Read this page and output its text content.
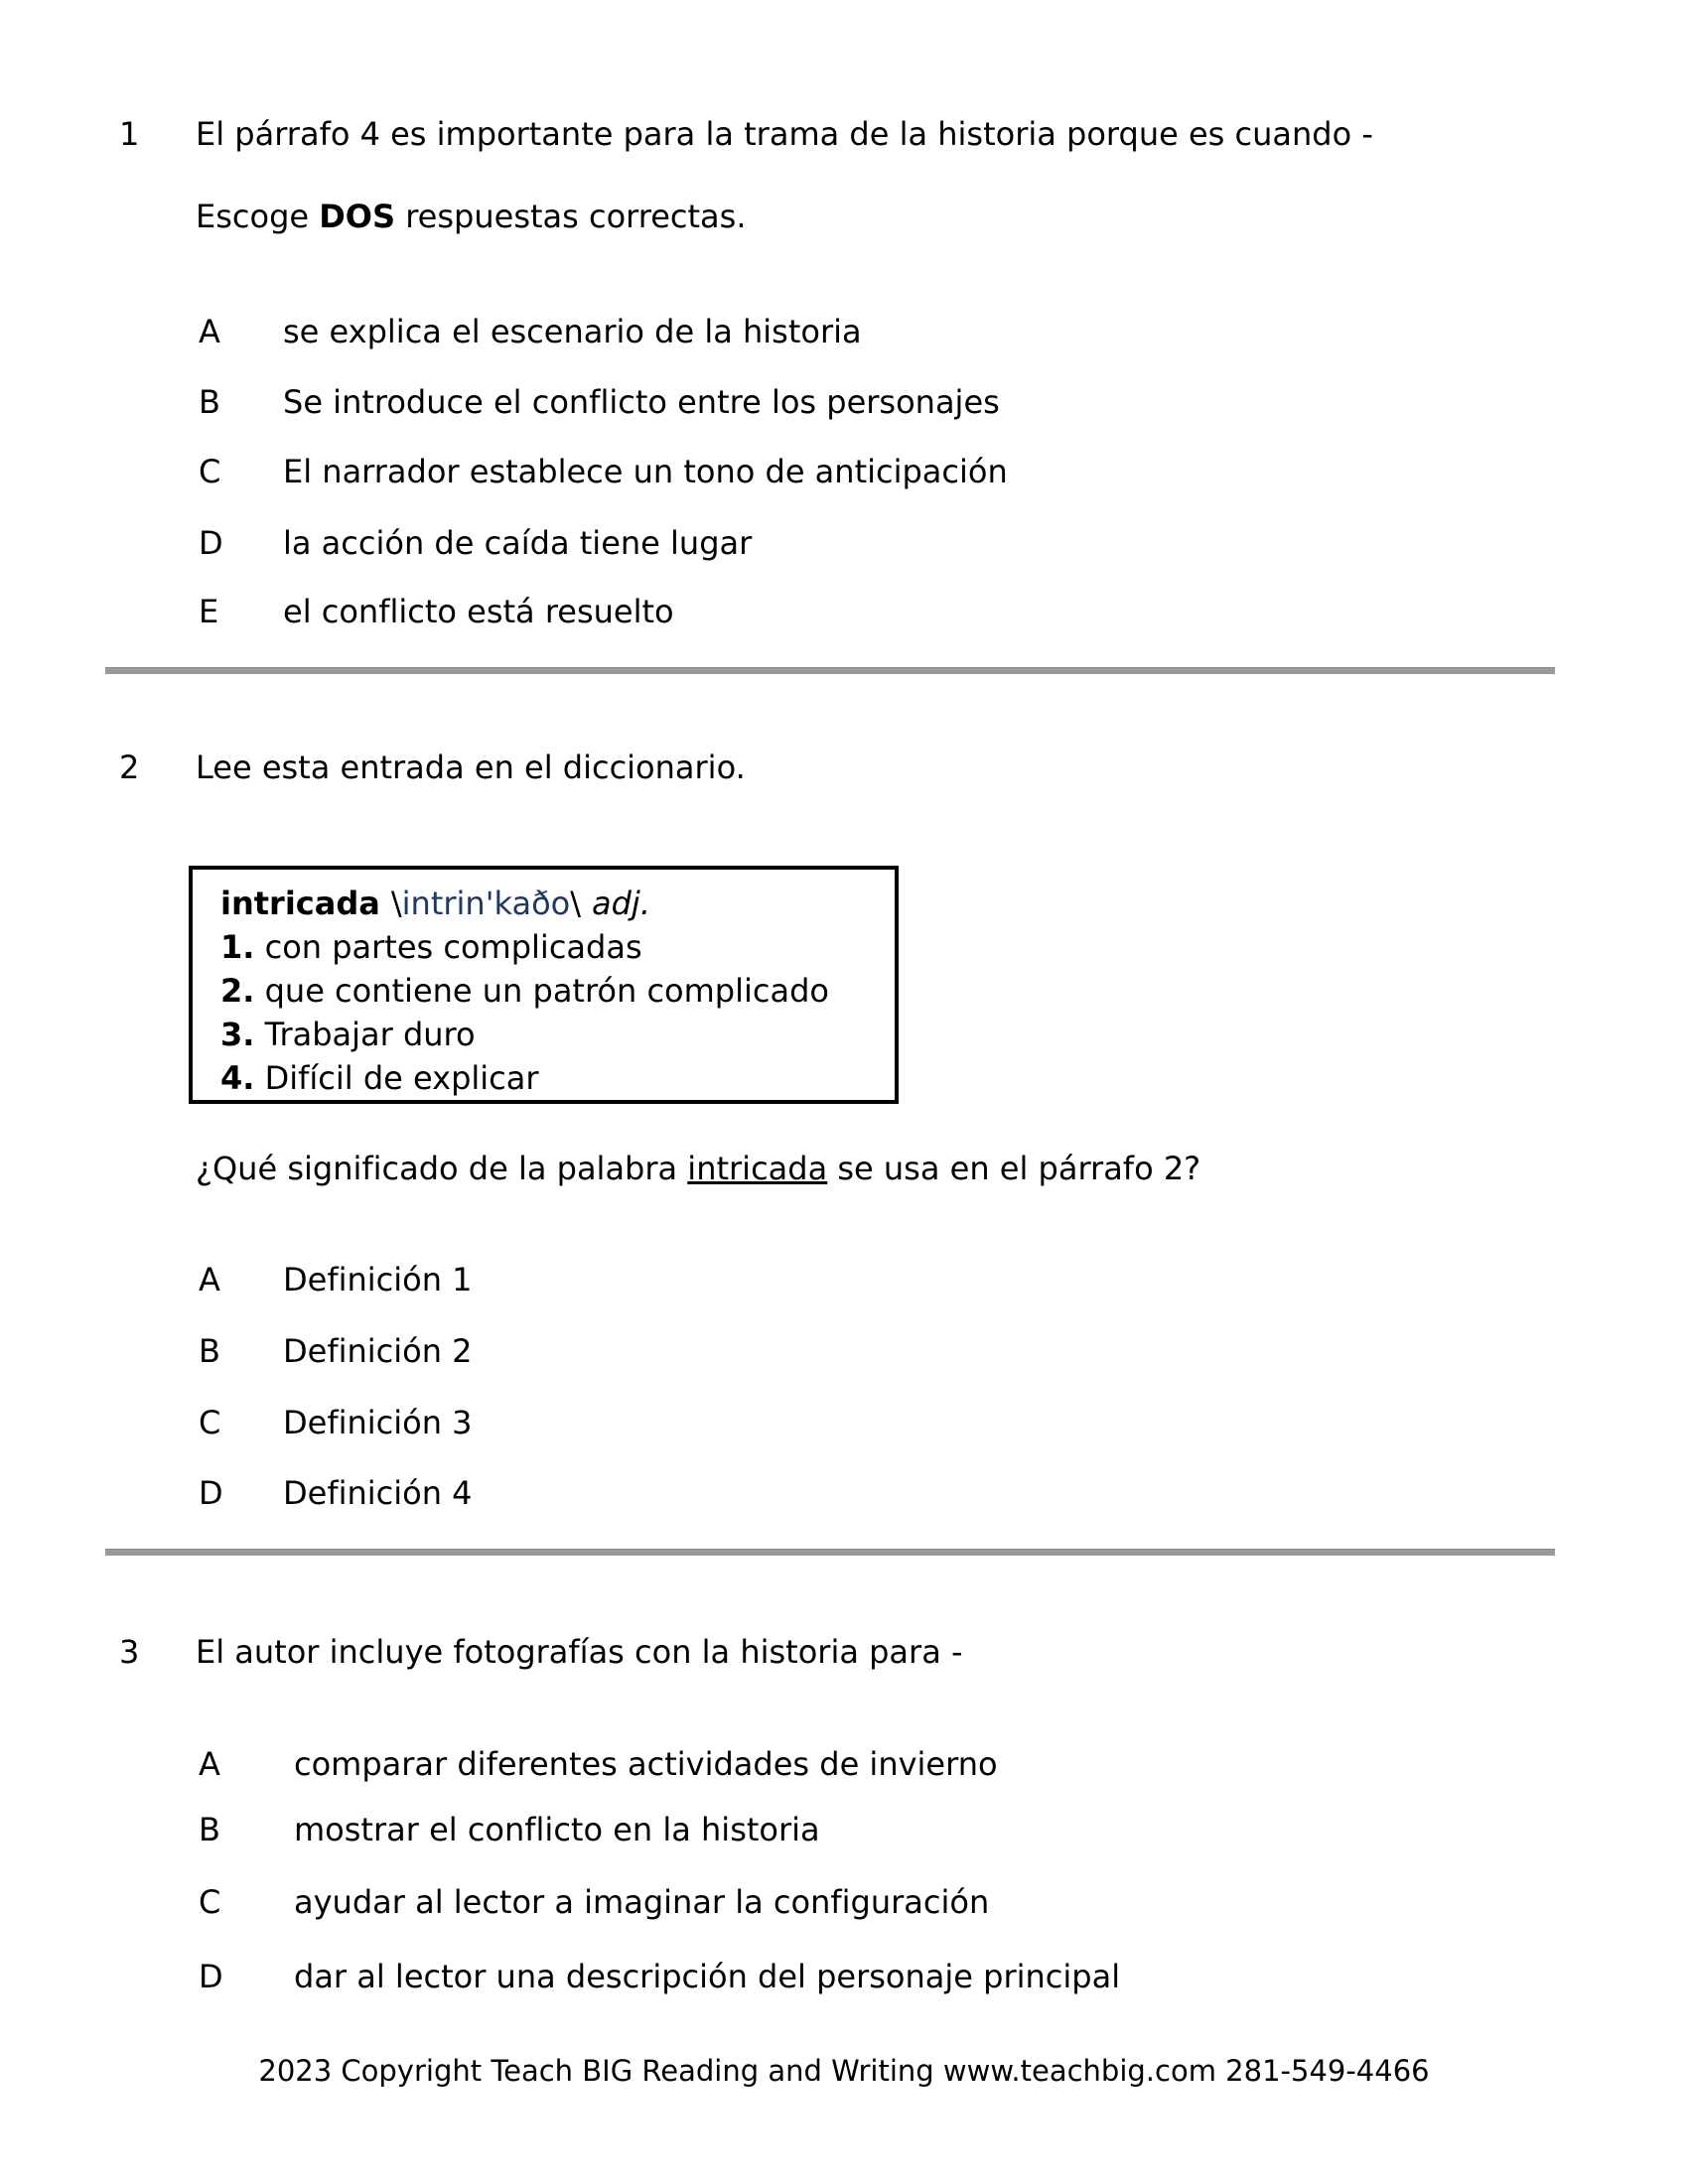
1	El párrafo 4 es importante para la trama de la historia porque es cuando -
Escoge DOS respuestas correctas.
A	se explica el escenario de la historia
B	Se introduce el conflicto entre los personajes
C	El narrador establece un tono de anticipación
D	la acción de caída tiene lugar
E	el conflicto está resuelto
2	Lee esta entrada en el diccionario.
intricada \intrin'kaðo\ adj.
1. con partes complicadas
2. que contiene un patrón complicado
3. Trabajar duro
4. Difícil de explicar
¿Qué significado de la palabra intricada se usa en el párrafo 2?
A	Definición 1
B	Definición 2
C	Definición 3
D	Definición 4
3	El autor incluye fotografías con la historia para -
A	comparar diferentes actividades de invierno
B	mostrar el conflicto en la historia
C	ayudar al lector a imaginar la configuración
D	dar al lector una descripción del personaje principal
2023 Copyright Teach BIG Reading and Writing www.teachbig.com 281-549-4466
